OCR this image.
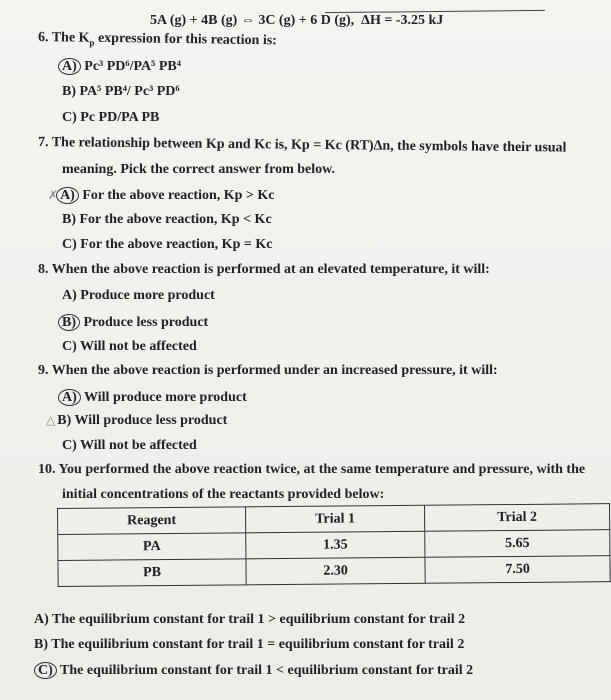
5A (g) + 4B (g) ⇔ 3C (g) + 6 D (g), ΔH = -3.25 kJ
6. The $K_p$ expression for this reaction is:
A) Pc³ PD⁶/PA⁵ PB⁴
B) PA⁵ PB⁴/ Pc³ PD⁶
C) Pc PD/PA PB
7. The relationship between Kp and Kc is, Kp = Kc (RT)Δn, the symbols have their usual
meaning. Pick the correct answer from below.
✗ A) For the above reaction, Kp > Kc
B) For the above reaction, Kp < Kc
C) For the above reaction, Kp = Kc
8. When the above reaction is performed at an elevated temperature, it will:
A) Produce more product
B) Produce less product
C) Will not be affected
9. When the above reaction is performed under an increased pressure, it will:
A) Will produce more product
△ B) Will produce less product
C) Will not be affected
10. You performed the above reaction twice, at the same temperature and pressure, with the
initial concentrations of the reactants provided below:
Reagent	Trial 1	Trial 2
PA	1.35	5.65
PB	2.30	7.50
A) The equilibrium constant for trail 1 > equilibrium constant for trail 2
B) The equilibrium constant for trail 1 = equilibrium constant for trail 2
C) The equilibrium constant for trail 1 < equilibrium constant for trail 2
